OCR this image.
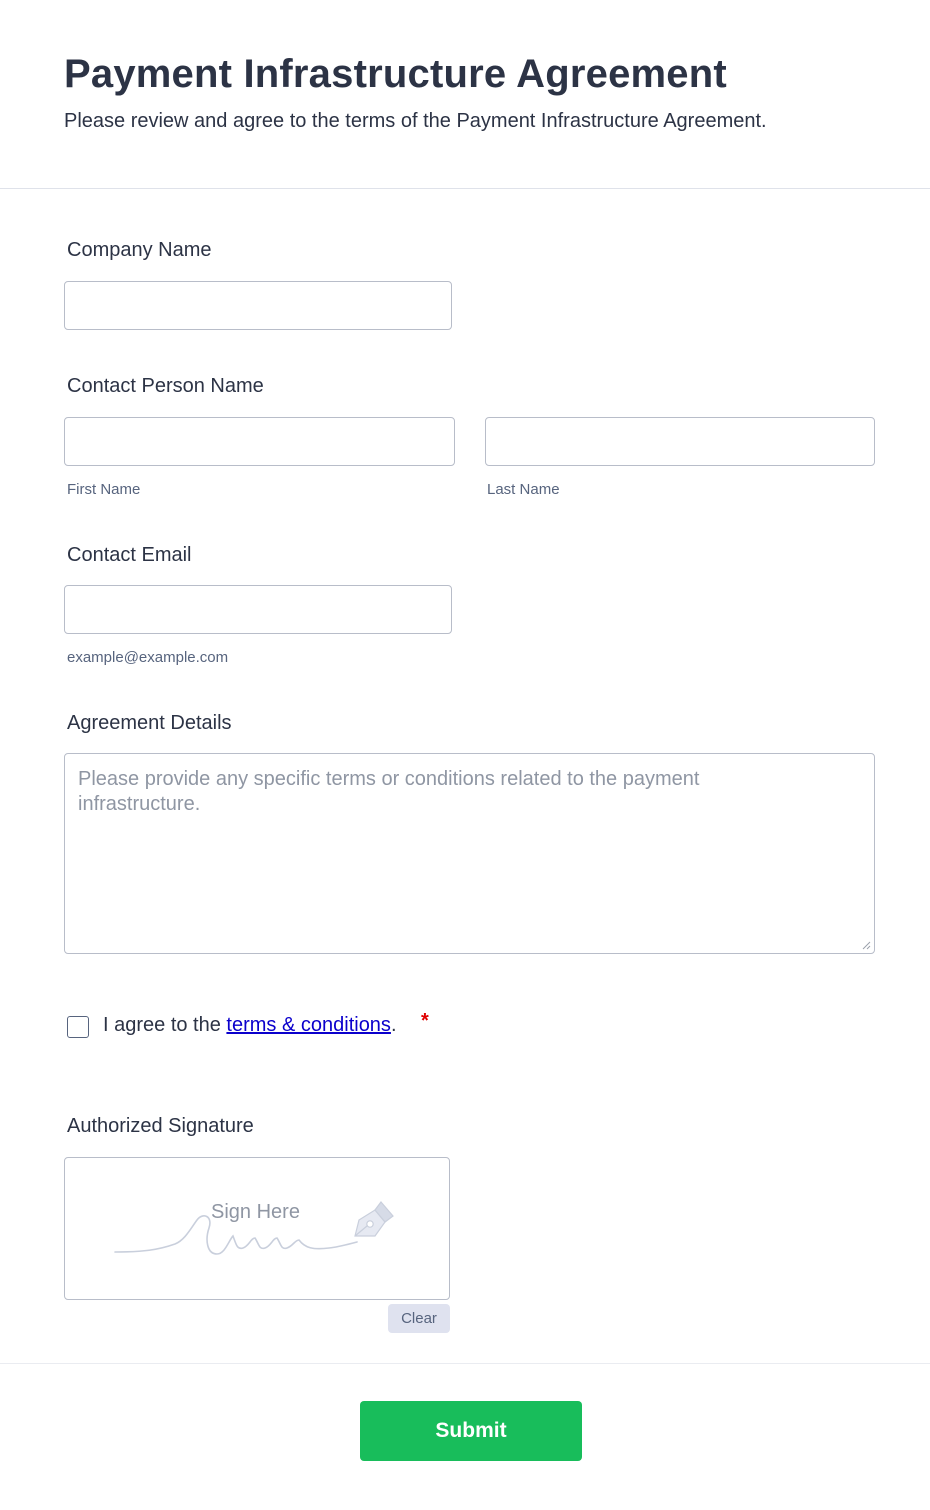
Payment Infrastructure Agreement
Please review and agree to the terms of the Payment Infrastructure Agreement.
Company Name
Contact Person Name
First Name	Last Name
Contact Email
example@example.com
Agreement Details
Please provide any specific terms or conditions related to the payment infrastructure.
I agree to the terms & conditions. *
Authorized Signature
Sign Here
Clear
Submit
